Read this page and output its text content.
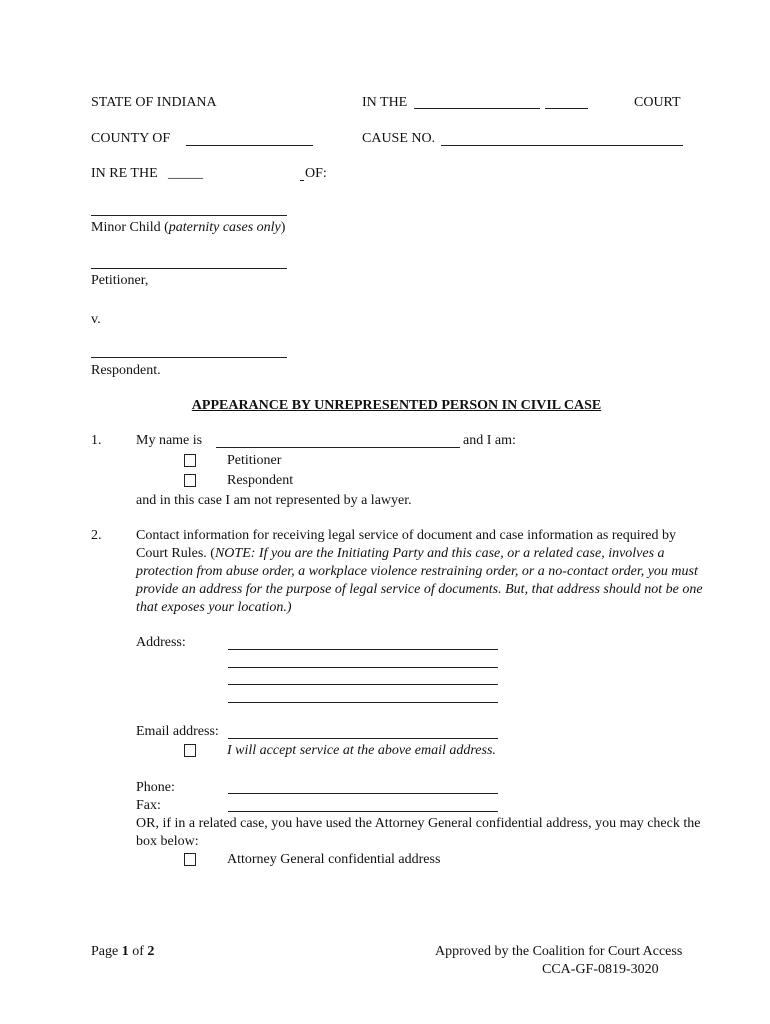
STATE OF INDIANA	IN THE	COURT
COUNTY OF	CAUSE NO.
IN RE THE _____	OF:
Minor Child (paternity cases only)
Petitioner,
v.
Respondent.
APPEARANCE BY UNREPRESENTED PERSON IN CIVIL CASE
1. My name is	and I am:
Petitioner
Respondent
and in this case I am not represented by a lawyer.
2. Contact information for receiving legal service of document and case information as required by Court Rules. (NOTE: If you are the Initiating Party and this case, or a related case, involves a protection from abuse order, a workplace violence restraining order, or a no-contact order, you must provide an address for the purpose of legal service of documents. But, that address should not be one that exposes your location.)
Address:
Email address:
I will accept service at the above email address.
Phone:
Fax:
OR, if in a related case, you have used the Attorney General confidential address, you may check the box below:
Attorney General confidential address
Page 1 of 2	Approved by the Coalition for Court Access
CCA-GF-0819-3020
